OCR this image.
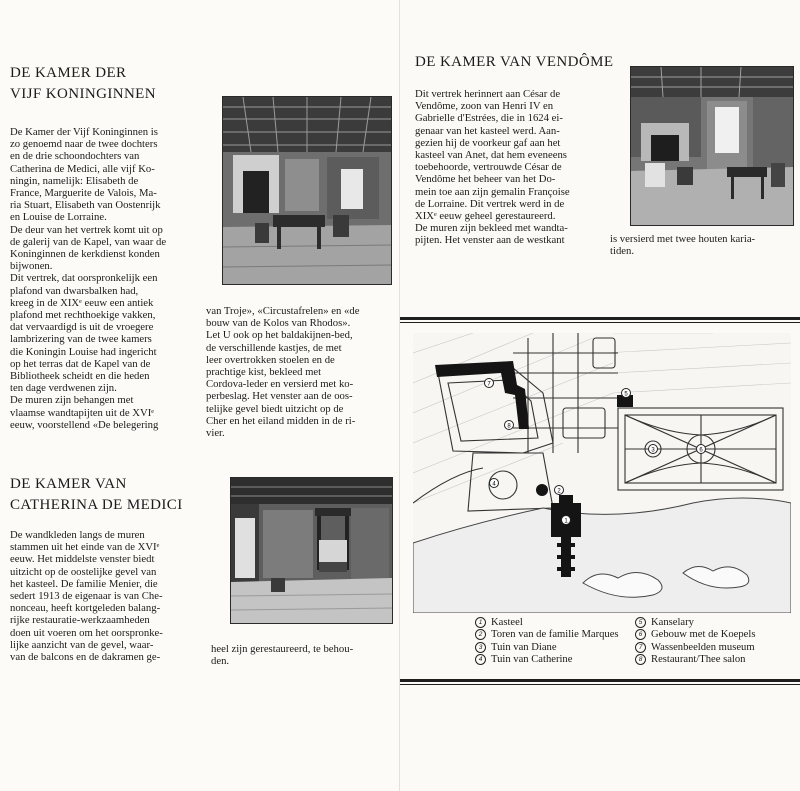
DE KAMER DER
VIJF KONINGINNEN
De Kamer der Vijf Koninginnen is
zo genoemd naar de twee dochters
en de drie schoondochters van
Catherina de Medici, alle vijf Ko-
ningin, namelijk: Elisabeth de
France, Marguerite de Valois, Ma-
ria Stuart, Elisabeth van Oostenrijk
en Louise de Lorraine.
De deur van het vertrek komt uit op
de galerij van de Kapel, van waar de
Koninginnen de kerkdienst konden
bijwonen.
Dit vertrek, dat oorspronkelijk een
plafond van dwarsbalken had,
kreeg in de XIXᵉ eeuw een antiek
plafond met rechthoekige vakken,
dat vervaardigd is uit de vroegere
lambrizering van de twee kamers
die Koningin Louise had ingericht
op het terras dat de Kapel van de
Bibliotheek scheidt en die heden
ten dage verdwenen zijn.
De muren zijn behangen met
vlaamse wandtapijten uit de XVIᵉ
eeuw, voorstellend «De belegering
van Troje», «Circustafrelen» en «de
bouw van de Kolos van Rhodos».
Let U ook op het baldakijnen-bed,
de verschillende kastjes, de met
leer overtrokken stoelen en de
prachtige kist, bekleed met
Cordova-leder en versierd met ko-
perbeslag. Het venster aan de oos-
telijke gevel biedt uitzicht op de
Cher en het eiland midden in de ri-
vier.
DE KAMER VAN
CATHERINA DE MEDICI
De wandkleden langs de muren
stammen uit het einde van de XVIᵉ
eeuw. Het middelste venster biedt
uitzicht op de oostelijke gevel van
het kasteel. De familie Menier, die
sedert 1913 de eigenaar is van Che-
nonceau, heeft kortgeleden balang-
rijke restauratie-werkzaamheden
doen uit voeren om het oorspronke-
lijke aanzicht van de gevel, waar-
van de balcons en de dakramen ge-
heel zijn gerestaureerd, te behou-
den.
DE KAMER VAN VENDÔME
Dit vertrek herinnert aan César de
Vendôme, zoon van Henri IV en
Gabrielle d'Estrées, die in 1624 ei-
genaar van het kasteel werd. Aan-
gezien hij de voorkeur gaf aan het
kasteel van Anet, dat hem eveneens
toebehoorde, vertrouwde César de
Vendôme het beheer van het Do-
mein toe aan zijn gemalin Françoise
de Lorraine. Dit vertrek werd in de
XIXᵉ eeuw geheel gerestaureerd.
De muren zijn bekleed met wandta-
pijten. Het venster aan de westkant	is versierd met twee houten karia-
tiden.
7
8
4
2
1
3	6
5
1 Kasteel
2 Toren van de familie Marques
3 Tuin van Diane
4 Tuin van Catherine
5 Kanselary
6 Gebouw met de Koepels
7 Wassenbeelden museum
8 Restaurant/Thee salon
